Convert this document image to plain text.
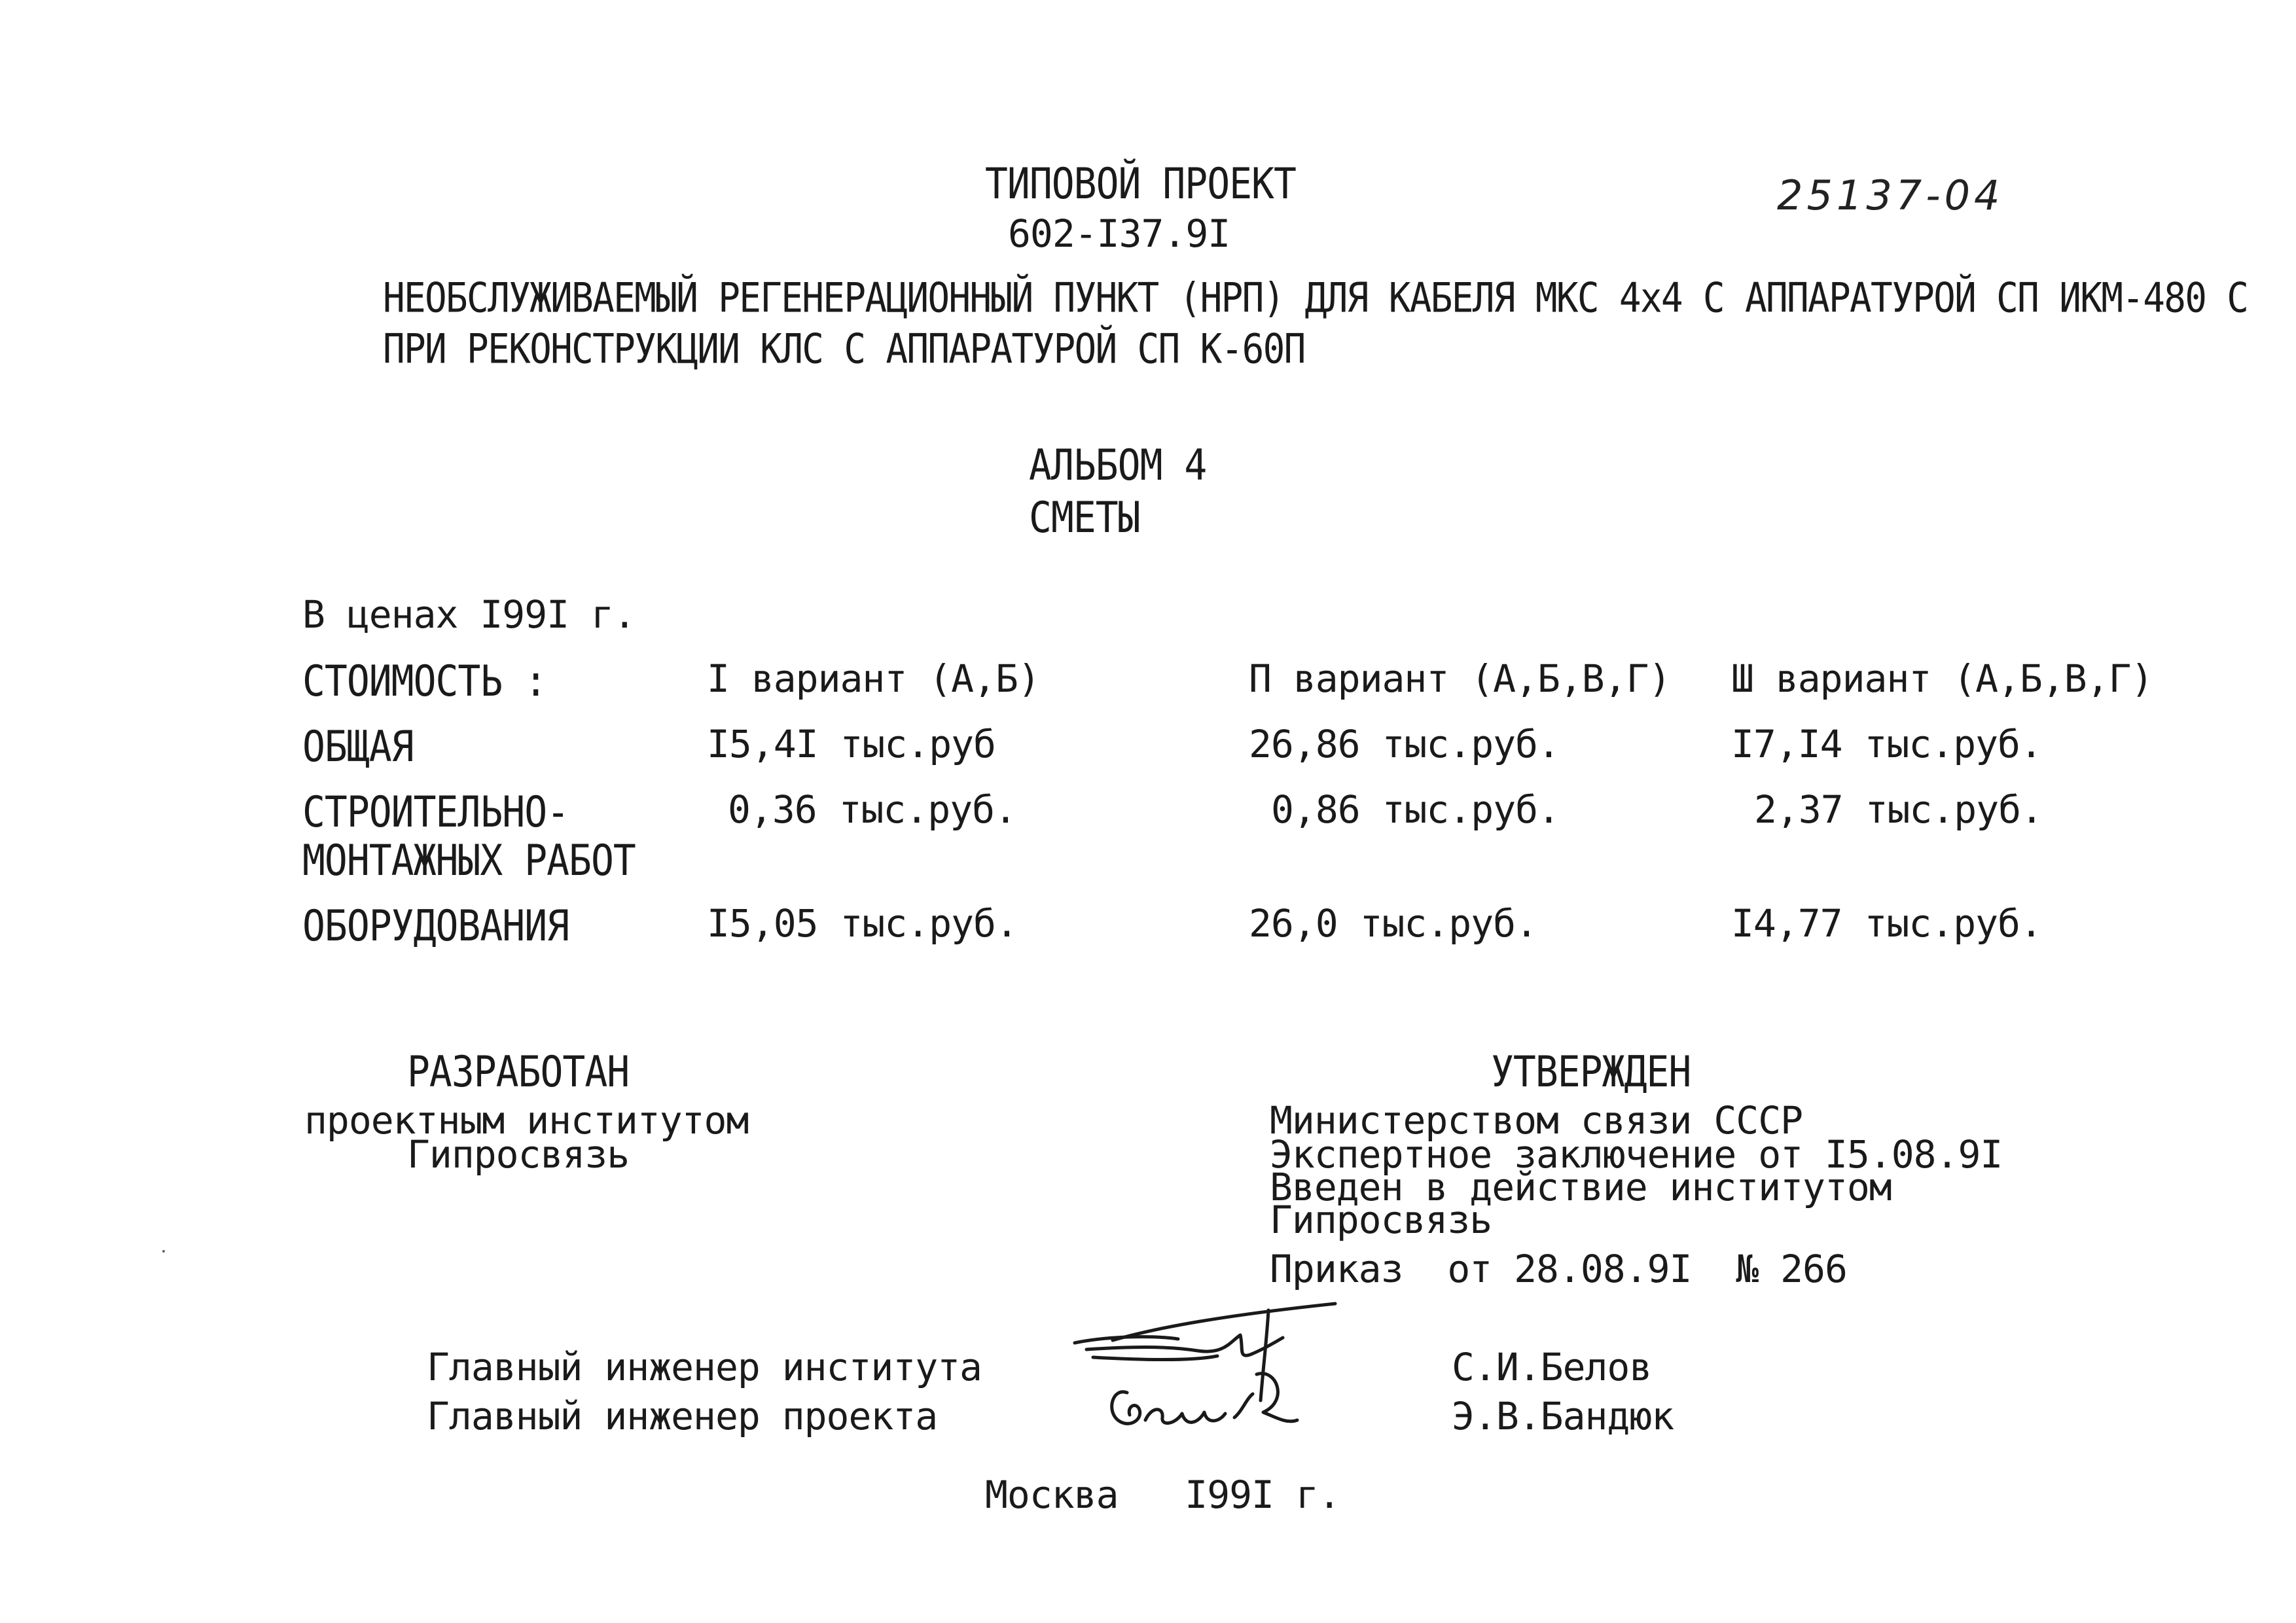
ТИПОВОЙ ПРОЕКТ
602-I37.9I
25137-04
НЕОБСЛУЖИВАЕМЫЙ РЕГЕНЕРАЦИОННЫЙ ПУНКТ (НРП) ДЛЯ КАБЕЛЯ МКС 4х4 С АППАРАТУРОЙ СП ИКМ-480 С
ПРИ РЕКОНСТРУКЦИИ КЛС С АППАРАТУРОЙ СП К-60П
АЛЬБОМ 4
СМЕТЫ
В ценах I99I г.
СТОИМОСТЬ :	I вариант (А,Б)	П вариант (А,Б,В,Г) Ш вариант (А,Б,В,Г)
ОБЩАЯ	I5,4I тыс.руб	26,86 тыс.руб.	I7,I4 тыс.руб.
СТРОИТЕЛЬНО-
МОНТАЖНЫХ РАБОТ
0,36 тыс.руб.	0,86 тыс.руб.	2,37 тыс.руб.
ОБОРУДОВАНИЯ	I5,05 тыс.руб.	26,0 тыс.руб.	I4,77 тыс.руб.
РАЗРАБОТАН
проектным институтом
Гипросвязь
УТВЕРЖДЕН
Министерством связи СССР
Экспертное заключение от I5.08.9I
Введен в действие институтом
Гипросвязь
Приказ  от 28.08.9I  № 266
Главный инженер института	С.И.Белов
Главный инженер проекта	Э.В.Бандюк
Москва   I99I г.
